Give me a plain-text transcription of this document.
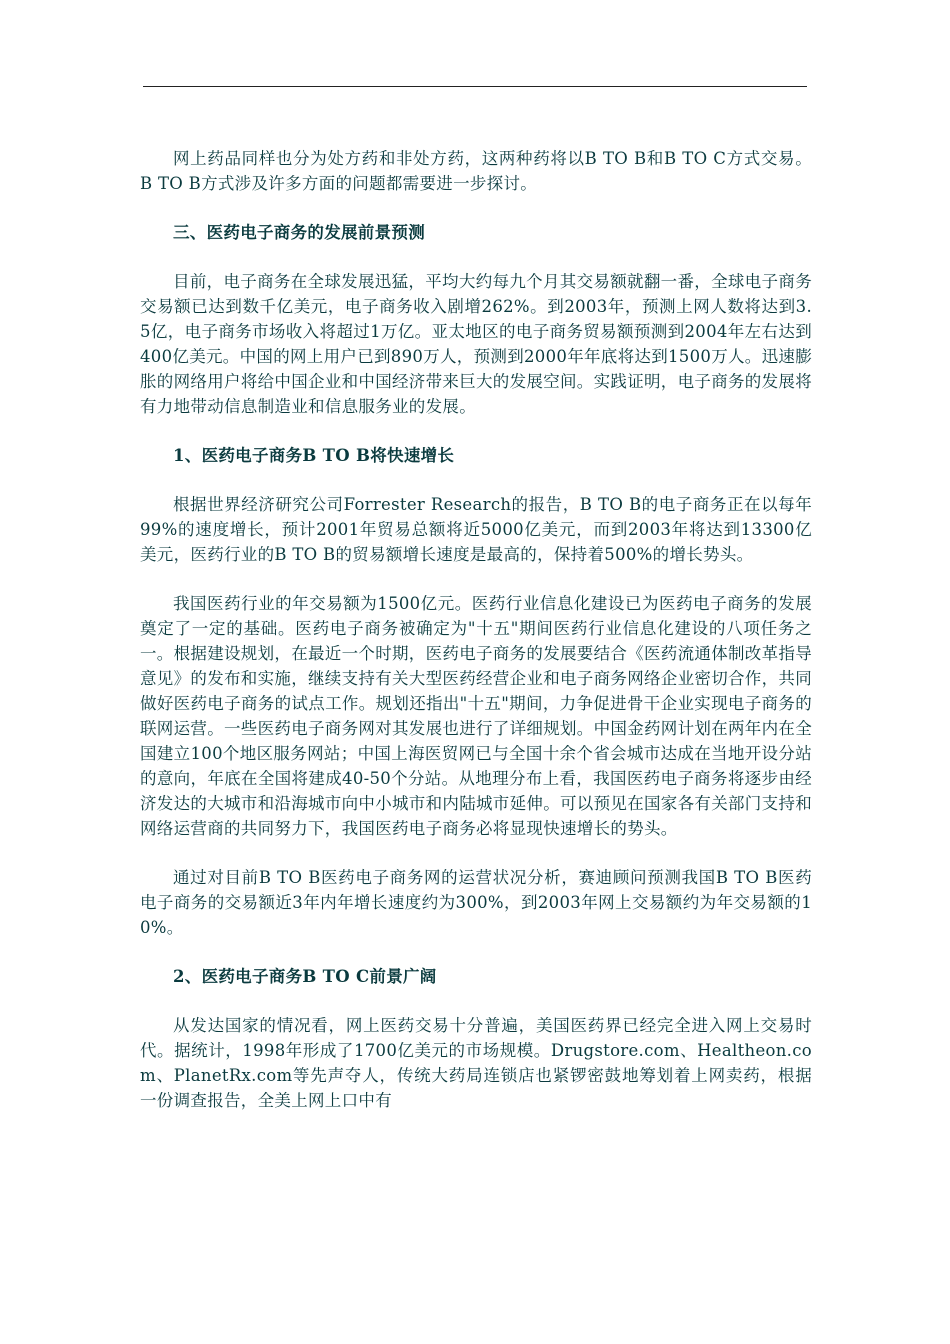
网上药品同样也分为处方药和非处方药，这两种药将以B TO B和B TO C方式交易。B TO B方式涉及许多方面的问题都需要进一步探讨。

三、医药电子商务的发展前景预测

目前，电子商务在全球发展迅猛，平均大约每九个月其交易额就翻一番，全球电子商务交易额已达到数千亿美元，电子商务收入剧增262%。到2003年，预测上网人数将达到3.5亿，电子商务市场收入将超过1万亿。亚太地区的电子商务贸易额预测到2004年左右达到400亿美元。中国的网上用户已到890万人，预测到2000年年底将达到1500万人。迅速膨胀的网络用户将给中国企业和中国经济带来巨大的发展空间。实践证明，电子商务的发展将有力地带动信息制造业和信息服务业的发展。

1、医药电子商务B TO B将快速增长

根据世界经济研究公司Forrester Research的报告，B TO B的电子商务正在以每年99%的速度增长，预计2001年贸易总额将近5000亿美元，而到2003年将达到13300亿美元，医药行业的B TO B的贸易额增长速度是最高的，保持着500%的增长势头。

我国医药行业的年交易额为1500亿元。医药行业信息化建设已为医药电子商务的发展奠定了一定的基础。医药电子商务被确定为"十五"期间医药行业信息化建设的八项任务之一。根据建设规划，在最近一个时期，医药电子商务的发展要结合《医药流通体制改革指导意见》的发布和实施，继续支持有关大型医药经营企业和电子商务网络企业密切合作，共同做好医药电子商务的试点工作。规划还指出"十五"期间，力争促进骨干企业实现电子商务的联网运营。一些医药电子商务网对其发展也进行了详细规划。中国金药网计划在两年内在全国建立100个地区服务网站；中国上海医贸网已与全国十余个省会城市达成在当地开设分站的意向，年底在全国将建成40-50个分站。从地理分布上看，我国医药电子商务将逐步由经济发达的大城市和沿海城市向中小城市和内陆城市延伸。可以预见在国家各有关部门支持和网络运营商的共同努力下，我国医药电子商务必将显现快速增长的势头。

通过对目前B TO B医药电子商务网的运营状况分析，赛迪顾问预测我国B TO B医药电子商务的交易额近3年内年增长速度约为300%，到2003年网上交易额约为年交易额的10%。

2、医药电子商务B TO C前景广阔

从发达国家的情况看，网上医药交易十分普遍，美国医药界已经完全进入网上交易时代。据统计，1998年形成了1700亿美元的市场规模。Drugstore.com、Healtheon.com、PlanetRx.com等先声夺人，传统大药局连锁店也紧锣密鼓地筹划着上网卖药，根据一份调查报告，全美上网上口中有
